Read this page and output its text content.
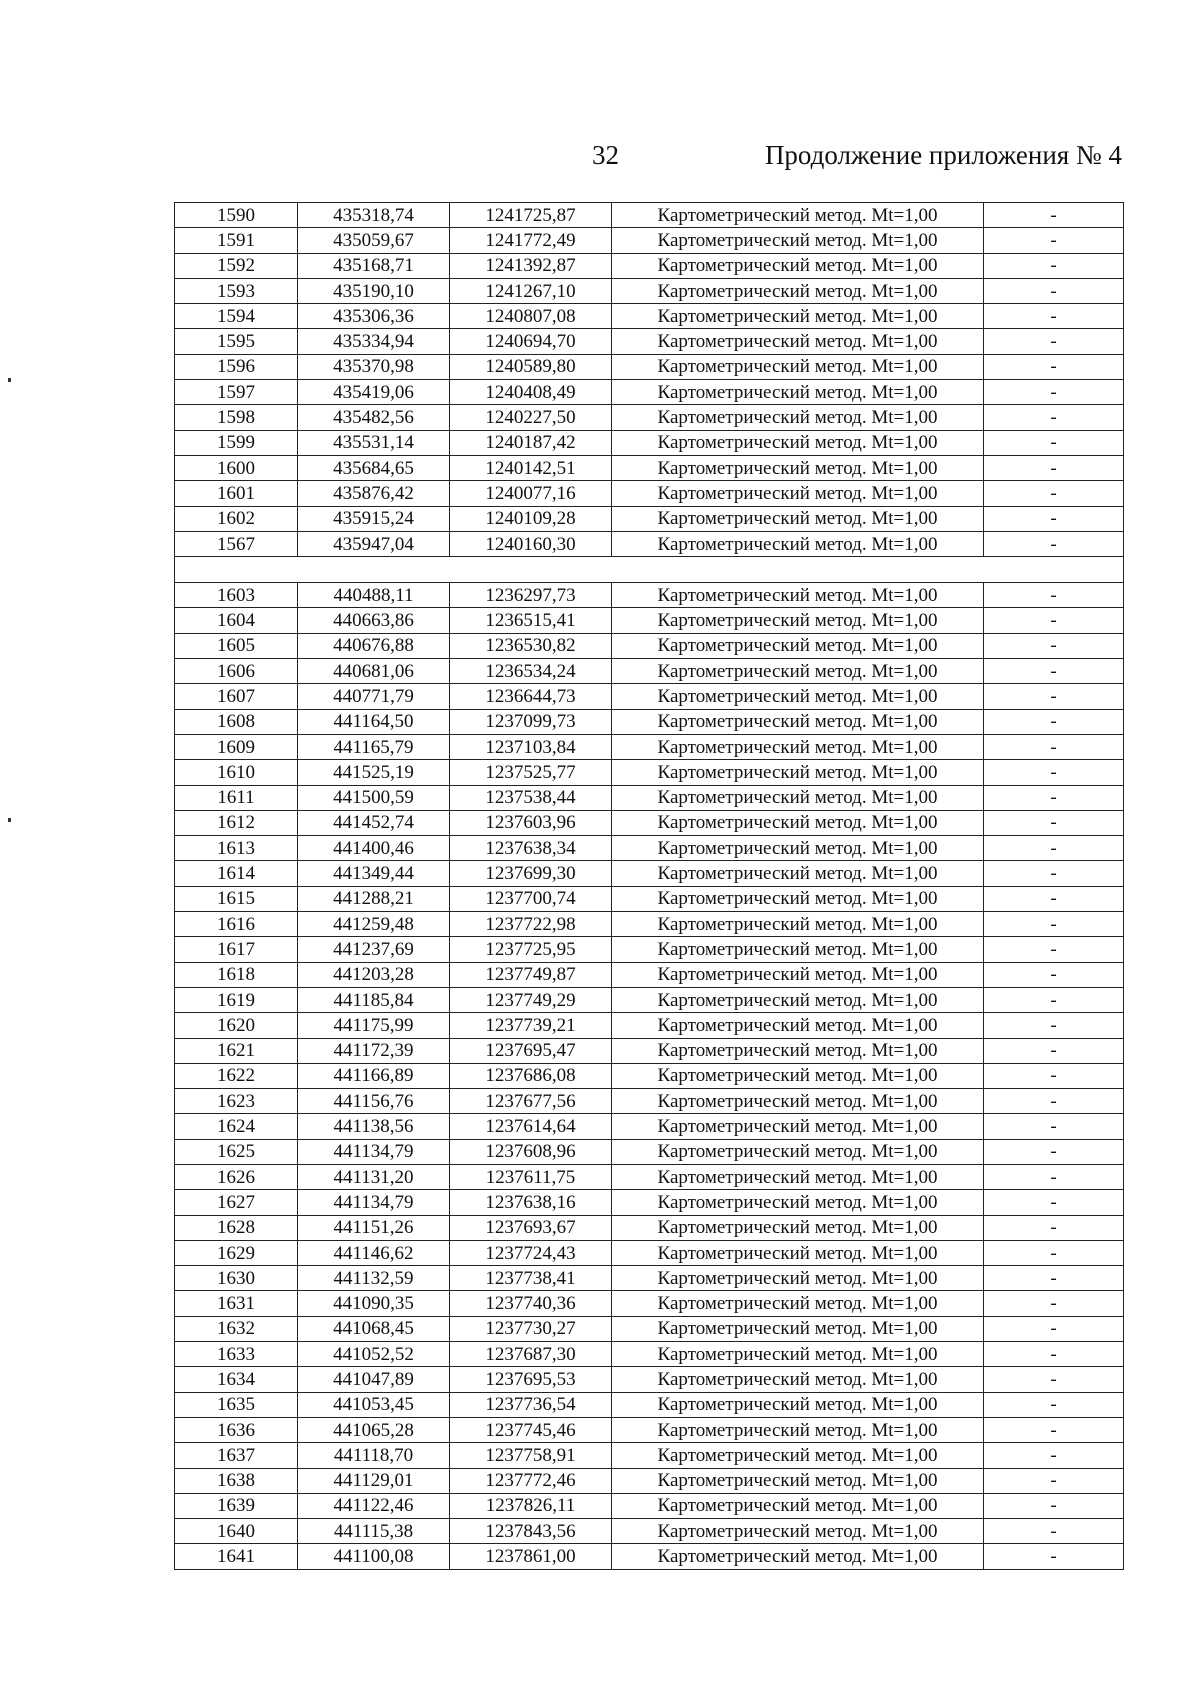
32	Продолжение приложения № 4
1590	435318,74	1241725,87	Картометрический метод. Mt=1,00	-
1591	435059,67	1241772,49	Картометрический метод. Mt=1,00	-
1592	435168,71	1241392,87	Картометрический метод. Mt=1,00	-
1593	435190,10	1241267,10	Картометрический метод. Mt=1,00	-
1594	435306,36	1240807,08	Картометрический метод. Mt=1,00	-
1595	435334,94	1240694,70	Картометрический метод. Mt=1,00	-
1596	435370,98	1240589,80	Картометрический метод. Mt=1,00	-
1597	435419,06	1240408,49	Картометрический метод. Mt=1,00	-
1598	435482,56	1240227,50	Картометрический метод. Mt=1,00	-
1599	435531,14	1240187,42	Картометрический метод. Mt=1,00	-
1600	435684,65	1240142,51	Картометрический метод. Mt=1,00	-
1601	435876,42	1240077,16	Картометрический метод. Mt=1,00	-
1602	435915,24	1240109,28	Картометрический метод. Mt=1,00	-
1567	435947,04	1240160,30	Картометрический метод. Mt=1,00	-

1603	440488,11	1236297,73	Картометрический метод. Mt=1,00	-
1604	440663,86	1236515,41	Картометрический метод. Mt=1,00	-
1605	440676,88	1236530,82	Картометрический метод. Mt=1,00	-
1606	440681,06	1236534,24	Картометрический метод. Mt=1,00	-
1607	440771,79	1236644,73	Картометрический метод. Mt=1,00	-
1608	441164,50	1237099,73	Картометрический метод. Mt=1,00	-
1609	441165,79	1237103,84	Картометрический метод. Mt=1,00	-
1610	441525,19	1237525,77	Картометрический метод. Mt=1,00	-
1611	441500,59	1237538,44	Картометрический метод. Mt=1,00	-
1612	441452,74	1237603,96	Картометрический метод. Mt=1,00	-
1613	441400,46	1237638,34	Картометрический метод. Mt=1,00	-
1614	441349,44	1237699,30	Картометрический метод. Mt=1,00	-
1615	441288,21	1237700,74	Картометрический метод. Mt=1,00	-
1616	441259,48	1237722,98	Картометрический метод. Mt=1,00	-
1617	441237,69	1237725,95	Картометрический метод. Mt=1,00	-
1618	441203,28	1237749,87	Картометрический метод. Mt=1,00	-
1619	441185,84	1237749,29	Картометрический метод. Mt=1,00	-
1620	441175,99	1237739,21	Картометрический метод. Mt=1,00	-
1621	441172,39	1237695,47	Картометрический метод. Mt=1,00	-
1622	441166,89	1237686,08	Картометрический метод. Mt=1,00	-
1623	441156,76	1237677,56	Картометрический метод. Mt=1,00	-
1624	441138,56	1237614,64	Картометрический метод. Mt=1,00	-
1625	441134,79	1237608,96	Картометрический метод. Mt=1,00	-
1626	441131,20	1237611,75	Картометрический метод. Mt=1,00	-
1627	441134,79	1237638,16	Картометрический метод. Mt=1,00	-
1628	441151,26	1237693,67	Картометрический метод. Mt=1,00	-
1629	441146,62	1237724,43	Картометрический метод. Mt=1,00	-
1630	441132,59	1237738,41	Картометрический метод. Mt=1,00	-
1631	441090,35	1237740,36	Картометрический метод. Mt=1,00	-
1632	441068,45	1237730,27	Картометрический метод. Mt=1,00	-
1633	441052,52	1237687,30	Картометрический метод. Mt=1,00	-
1634	441047,89	1237695,53	Картометрический метод. Mt=1,00	-
1635	441053,45	1237736,54	Картометрический метод. Mt=1,00	-
1636	441065,28	1237745,46	Картометрический метод. Mt=1,00	-
1637	441118,70	1237758,91	Картометрический метод. Mt=1,00	-
1638	441129,01	1237772,46	Картометрический метод. Mt=1,00	-
1639	441122,46	1237826,11	Картометрический метод. Mt=1,00	-
1640	441115,38	1237843,56	Картометрический метод. Mt=1,00	-
1641	441100,08	1237861,00	Картометрический метод. Mt=1,00	-
